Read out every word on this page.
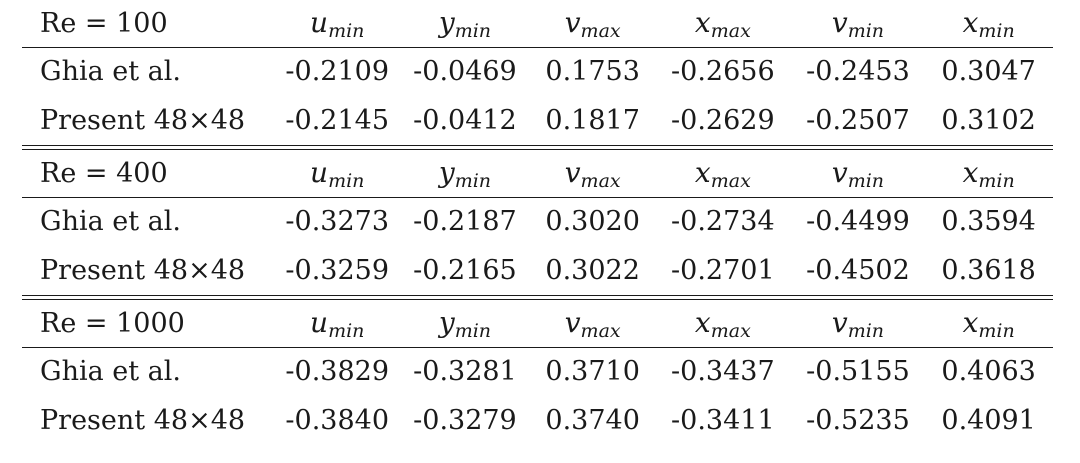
Re = 100	$u_{min}$	$y_{min}$	$v_{max}$	$x_{max}$	$v_{min}$	$x_{min}$
Ghia et al.	-0.2109 -0.0469	0.1753	-0.2656	-0.2453	0.3047
Present 48×48	-0.2145 -0.0412	0.1817	-0.2629	-0.2507	0.3102
Re = 400	$u_{min}$	$y_{min}$	$v_{max}$	$x_{max}$	$v_{min}$	$x_{min}$
Ghia et al.	-0.3273 -0.2187	0.3020	-0.2734	-0.4499	0.3594
Present 48×48	-0.3259 -0.2165	0.3022	-0.2701	-0.4502	0.3618
Re = 1000	$u_{min}$	$y_{min}$	$v_{max}$	$x_{max}$	$v_{min}$	$x_{min}$
Ghia et al.	-0.3829 -0.3281	0.3710	-0.3437	-0.5155	0.4063
Present 48×48	-0.3840 -0.3279	0.3740	-0.3411	-0.5235	0.4091
